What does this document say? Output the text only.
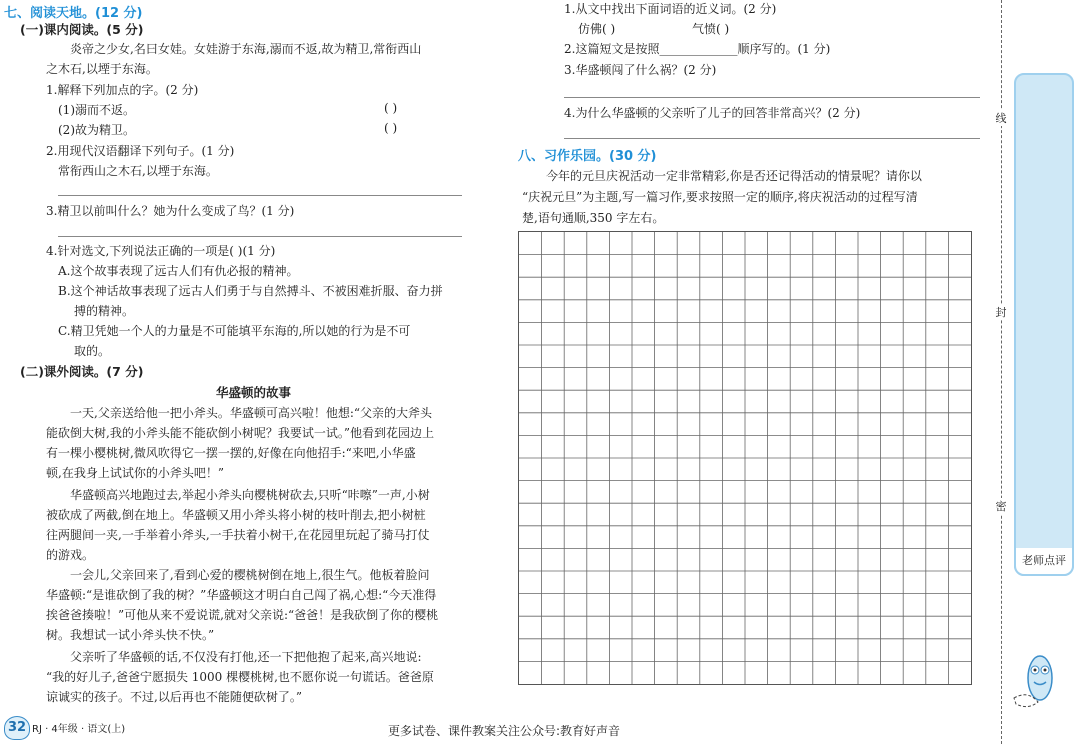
七、阅读天地。(12 分)
(一)课内阅读。(5 分)
炎帝之少女,名曰女娃。女娃游于东海,溺而不返,故为精卫,常衔西山
之木石,以堙于东海。
1.解释下列加点的字。(2 分)
(1)溺而不返。	( )
(2)故为精卫。	( )
2.用现代汉语翻译下列句子。(1 分)
常衔西山之木石,以堙于东海。
3.精卫以前叫什么？她为什么变成了鸟？(1 分)
4.针对选文,下列说法正确的一项是( )(1 分)
A.这个故事表现了远古人们有仇必报的精神。
B.这个神话故事表现了远古人们勇于与自然搏斗、不被困难折服、奋力拼
搏的精神。
C.精卫凭她一个人的力量是不可能填平东海的,所以她的行为是不可
取的。
(二)课外阅读。(7 分)
华盛顿的故事
一天,父亲送给他一把小斧头。华盛顿可高兴啦！他想:“父亲的大斧头
能砍倒大树,我的小斧头能不能砍倒小树呢？我要试一试。”他看到花园边上
有一棵小樱桃树,微风吹得它一摆一摆的,好像在向他招手:“来吧,小华盛
顿,在我身上试试你的小斧头吧！”
华盛顿高兴地跑过去,举起小斧头向樱桃树砍去,只听“咔嚓”一声,小树
被砍成了两截,倒在地上。华盛顿又用小斧头将小树的枝叶削去,把小树桩
往两腿间一夹,一手举着小斧头,一手扶着小树干,在花园里玩起了骑马打仗
的游戏。
一会儿,父亲回来了,看到心爱的樱桃树倒在地上,很生气。他板着脸问
华盛顿:“是谁砍倒了我的树？”华盛顿这才明白自己闯了祸,心想:“今天准得
挨爸爸揍啦！”可他从来不爱说谎,就对父亲说:“爸爸！是我砍倒了你的樱桃
树。我想试一试小斧头快不快。”
父亲听了华盛顿的话,不仅没有打他,还一下把他抱了起来,高兴地说:
“我的好儿子,爸爸宁愿损失 1000 棵樱桃树,也不愿你说一句谎话。爸爸原
谅诚实的孩子。不过,以后再也不能随便砍树了。”
1.从文中找出下面词语的近义词。(2 分)
仿佛( )	气愤( )
2.这篇短文是按照_____________顺序写的。(1 分)
3.华盛顿闯了什么祸？(2 分)
4.为什么华盛顿的父亲听了儿子的回答非常高兴？(2 分)
八、习作乐园。(30 分)
今年的元旦庆祝活动一定非常精彩,你是否还记得活动的情景呢？请你以
“庆祝元旦”为主题,写一篇习作,要求按照一定的顺序,将庆祝活动的过程写清
楚,语句通顺,350 字左右。
线
封
密
老师点评
32 RJ · 4年级 · 语文(上)	更多试卷、课件教案关注公众号:教育好声音
